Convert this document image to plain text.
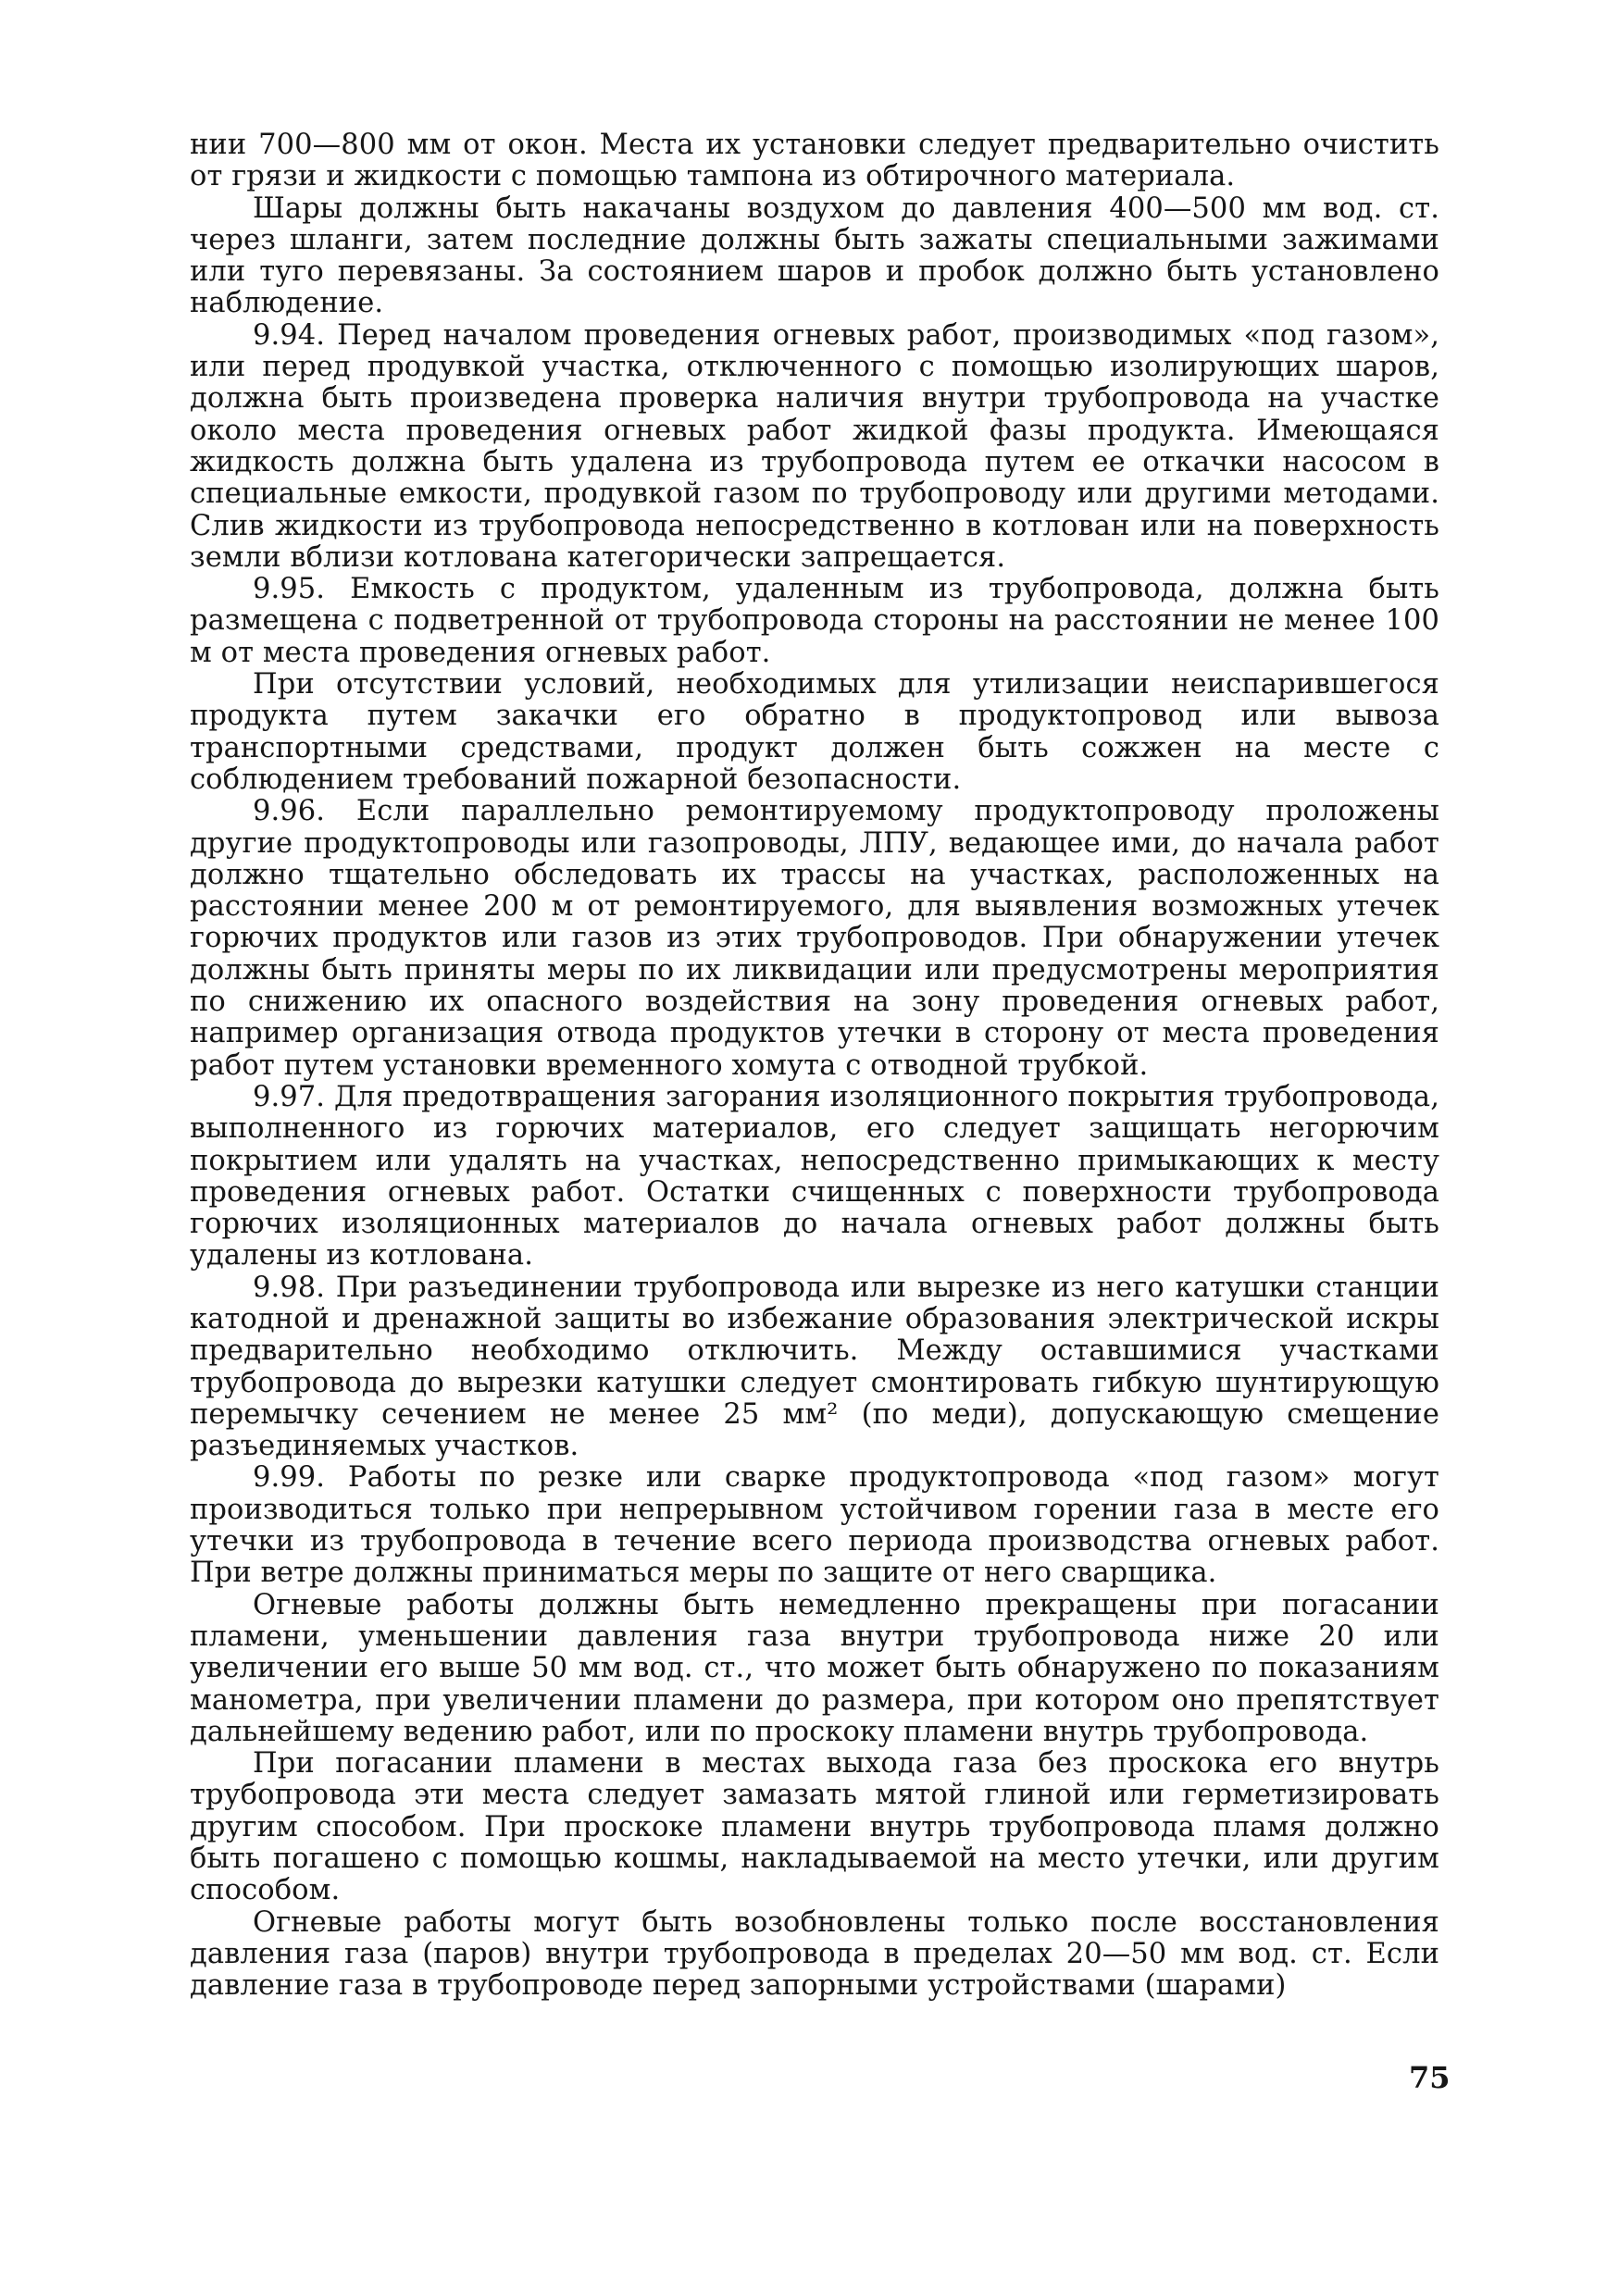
нии 700—800 мм от окон. Места их установки следует предварительно очистить от грязи и жидкости с помощью тампона из обтирочного материала.

Шары должны быть накачаны воздухом до давления 400—500 мм вод. ст. через шланги, затем последние должны быть зажаты специальными зажимами или туго перевязаны. За состоянием шаров и пробок должно быть установлено наблюдение.

9.94. Перед началом проведения огневых работ, производимых «под газом», или перед продувкой участка, отключенного с помощью изолирующих шаров, должна быть произведена проверка наличия внутри трубопровода на участке около места проведения огневых работ жидкой фазы продукта. Имеющаяся жидкость должна быть удалена из трубопровода путем ее откачки насосом в специальные емкости, продувкой газом по трубопроводу или другими методами. Слив жидкости из трубопровода непосредственно в котлован или на поверхность земли вблизи котлована категорически запрещается.

9.95. Емкость с продуктом, удаленным из трубопровода, должна быть размещена с подветренной от трубопровода стороны на расстоянии не менее 100 м от места проведения огневых работ.

При отсутствии условий, необходимых для утилизации неиспарившегося продукта путем закачки его обратно в продуктопровод или вывоза транспортными средствами, продукт должен быть сожжен на месте с соблюдением требований пожарной безопасности.

9.96. Если параллельно ремонтируемому продуктопроводу проложены другие продуктопроводы или газопроводы, ЛПУ, ведающее ими, до начала работ должно тщательно обследовать их трассы на участках, расположенных на расстоянии менее 200 м от ремонтируемого, для выявления возможных утечек горючих продуктов или газов из этих трубопроводов. При обнаружении утечек должны быть приняты меры по их ликвидации или предусмотрены мероприятия по снижению их опасного воздействия на зону проведения огневых работ, например организация отвода продуктов утечки в сторону от места проведения работ путем установки временного хомута с отводной трубкой.

9.97. Для предотвращения загорания изоляционного покрытия трубопровода, выполненного из горючих материалов, его следует защищать негорючим покрытием или удалять на участках, непосредственно примыкающих к месту проведения огневых работ. Остатки счищенных с поверхности трубопровода горючих изоляционных материалов до начала огневых работ должны быть удалены из котлована.

9.98. При разъединении трубопровода или вырезке из него катушки станции катодной и дренажной защиты во избежание образования электрической искры предварительно необходимо отключить. Между оставшимися участками трубопровода до вырезки катушки следует смонтировать гибкую шунтирующую перемычку сечением не менее 25 мм² (по меди), допускающую смещение разъединяемых участков.

9.99. Работы по резке или сварке продуктопровода «под газом» могут производиться только при непрерывном устойчивом горении газа в месте его утечки из трубопровода в течение всего периода производства огневых работ. При ветре должны приниматься меры по защите от него сварщика.

Огневые работы должны быть немедленно прекращены при погасании пламени, уменьшении давления газа внутри трубопровода ниже 20 или увеличении его выше 50 мм вод. ст., что может быть обнаружено по показаниям манометра, при увеличении пламени до размера, при котором оно препятствует дальнейшему ведению работ, или по проскоку пламени внутрь трубопровода.

При погасании пламени в местах выхода газа без проскока его внутрь трубопровода эти места следует замазать мятой глиной или герметизировать другим способом. При проскоке пламени внутрь трубопровода пламя должно быть погашено с помощью кошмы, накладываемой на место утечки, или другим способом.

Огневые работы могут быть возобновлены только после восстановления давления газа (паров) внутри трубопровода в пределах 20—50 мм вод. ст. Если давление газа в трубопроводе перед запорными устройствами (шарами)

75
